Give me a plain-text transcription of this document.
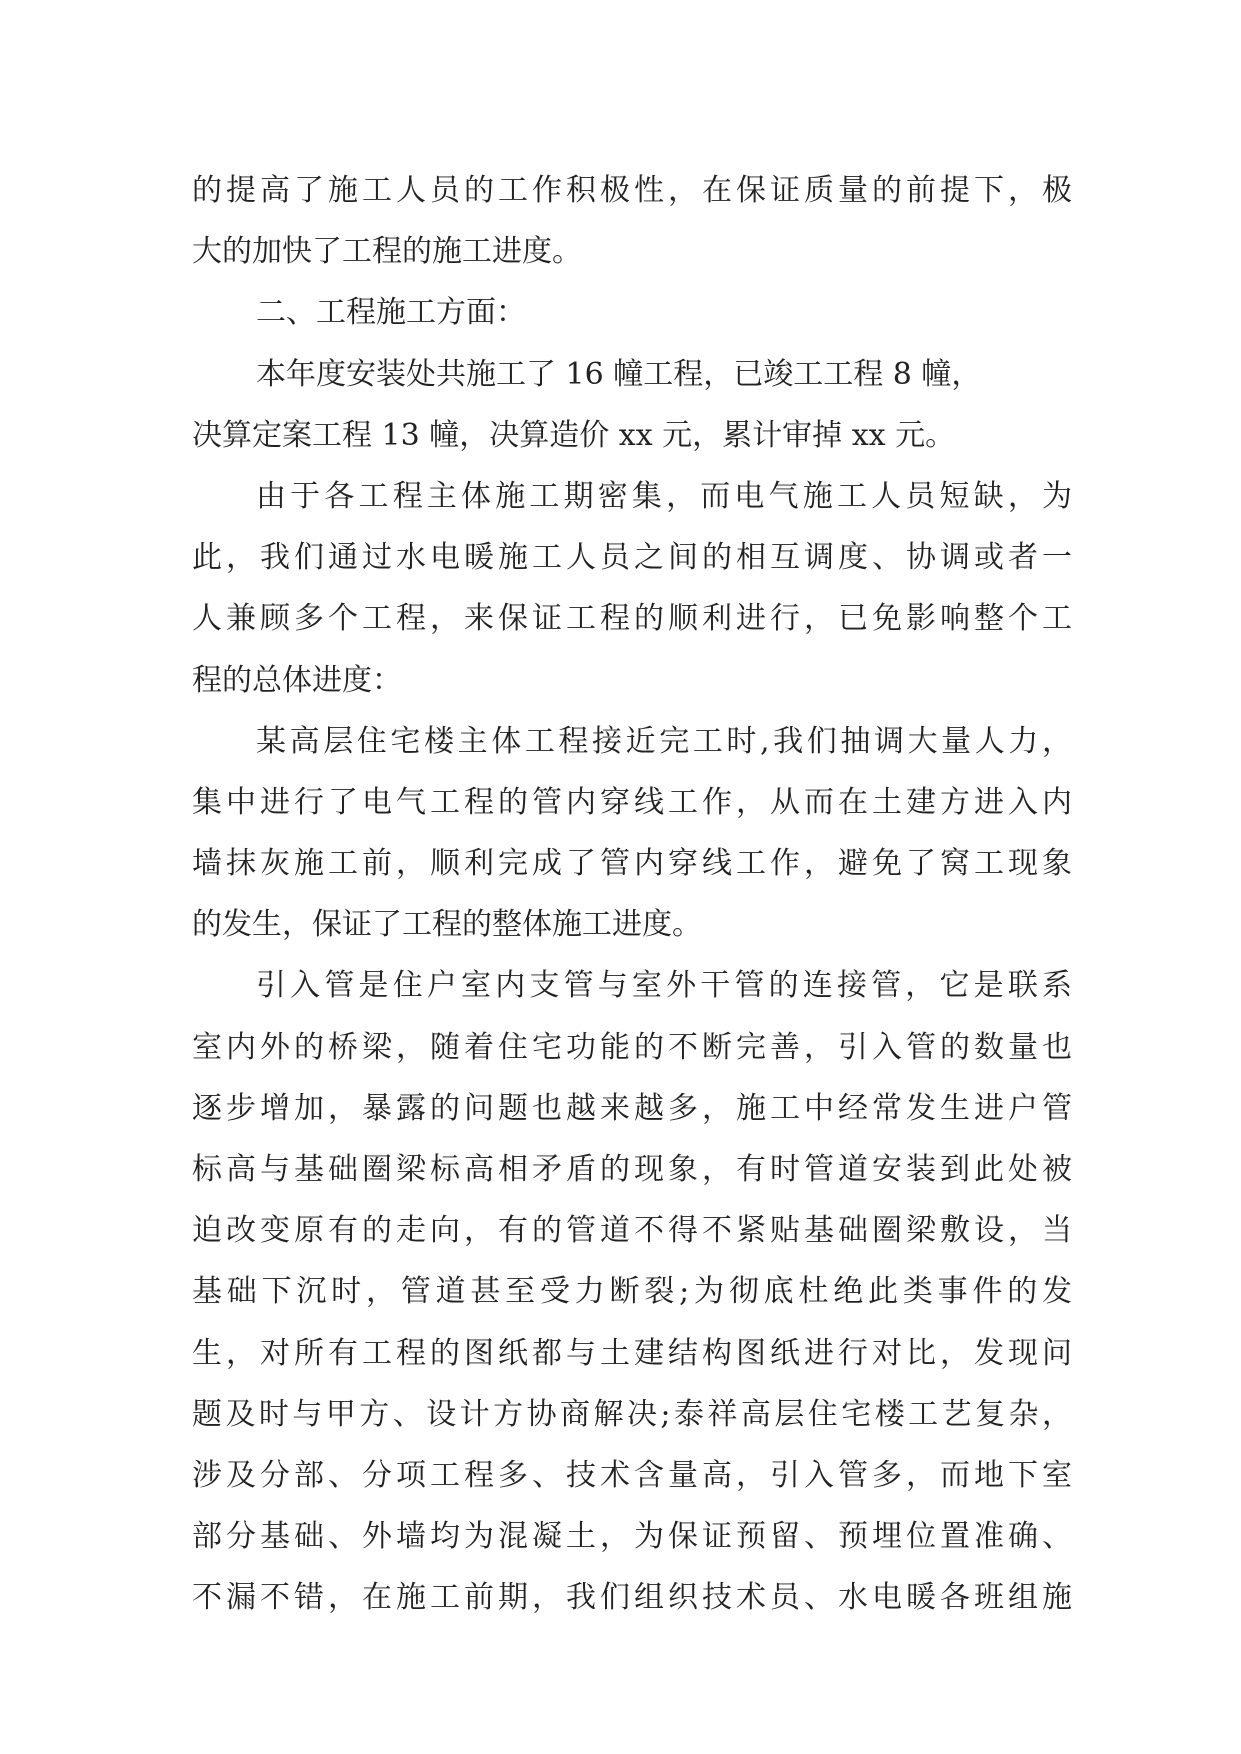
的提高了施工人员的工作积极性，在保证质量的前提下，极
大的加快了工程的施工进度。
二、工程施工方面：
本年度安装处共施工了 16 幢工程，已竣工工程 8 幢，
决算定案工程 13 幢，决算造价 xx 元，累计审掉 xx 元。
由于各工程主体施工期密集，而电气施工人员短缺，为
此，我们通过水电暖施工人员之间的相互调度、协调或者一
人兼顾多个工程，来保证工程的顺利进行，已免影响整个工
程的总体进度：
某高层住宅楼主体工程接近完工时,我们抽调大量人力，
集中进行了电气工程的管内穿线工作，从而在土建方进入内
墙抹灰施工前，顺利完成了管内穿线工作，避免了窝工现象
的发生，保证了工程的整体施工进度。
引入管是住户室内支管与室外干管的连接管，它是联系
室内外的桥梁，随着住宅功能的不断完善，引入管的数量也
逐步增加，暴露的问题也越来越多，施工中经常发生进户管
标高与基础圈梁标高相矛盾的现象，有时管道安装到此处被
迫改变原有的走向，有的管道不得不紧贴基础圈梁敷设，当
基础下沉时，管道甚至受力断裂;为彻底杜绝此类事件的发
生，对所有工程的图纸都与土建结构图纸进行对比，发现问
题及时与甲方、设计方协商解决;泰祥高层住宅楼工艺复杂，
涉及分部、分项工程多、技术含量高，引入管多，而地下室
部分基础、外墙均为混凝土，为保证预留、预埋位置准确、
不漏不错，在施工前期，我们组织技术员、水电暖各班组施
